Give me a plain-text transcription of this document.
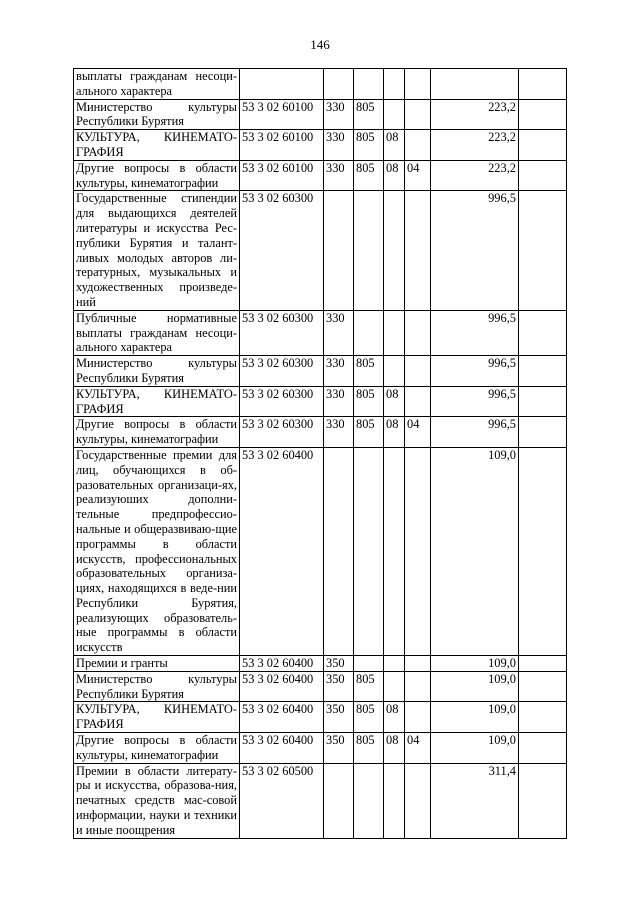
146
выплаты гражданам несоци-ального характера							
Министерство культуры Республики Бурятия	53 3 02 60100	330	805			223,2	
КУЛЬТУРА, КИНЕМАТО-ГРАФИЯ	53 3 02 60100	330	805	08		223,2	
Другие вопросы в области культуры, кинематографии	53 3 02 60100	330	805	08	04	223,2	
Государственные стипендии для выдающихся деятелей литературы и искусства Рес-публики Бурятия и талант-ливых молодых авторов ли-тературных, музыкальных и художественных произведе-ний	53 3 02 60300					996,5	
Публичные нормативные выплаты гражданам несоци-ального характера	53 3 02 60300	330				996,5	
Министерство культуры Республики Бурятия	53 3 02 60300	330	805			996,5	
КУЛЬТУРА, КИНЕМАТО-ГРАФИЯ	53 3 02 60300	330	805	08		996,5	
Другие вопросы в области культуры, кинематографии	53 3 02 60300	330	805	08	04	996,5	
Государственные премии для лиц, обучающихся в об-разовательных организаци-ях, реализуюших дополни-тельные предпрофессио-нальные и общеразвиваю-щие программы в области искусств, профессиональных образовательных организа-циях, находящихся в веде-нии Республики Бурятия, реализующих образователь-ные программы в области искусств	53 3 02 60400					109,0	
Премии и гранты	53 3 02 60400	350				109,0	
Министерство культуры Республики Бурятия	53 3 02 60400	350	805			109,0	
КУЛЬТУРА, КИНЕМАТО-ГРАФИЯ	53 3 02 60400	350	805	08		109,0	
Другие вопросы в области культуры, кинематографии	53 3 02 60400	350	805	08	04	109,0	
Премии в области литерату-ры и искусства, образова-ния, печатных средств мас-совой информации, науки и техники и иные поощрения	53 3 02 60500					311,4	
